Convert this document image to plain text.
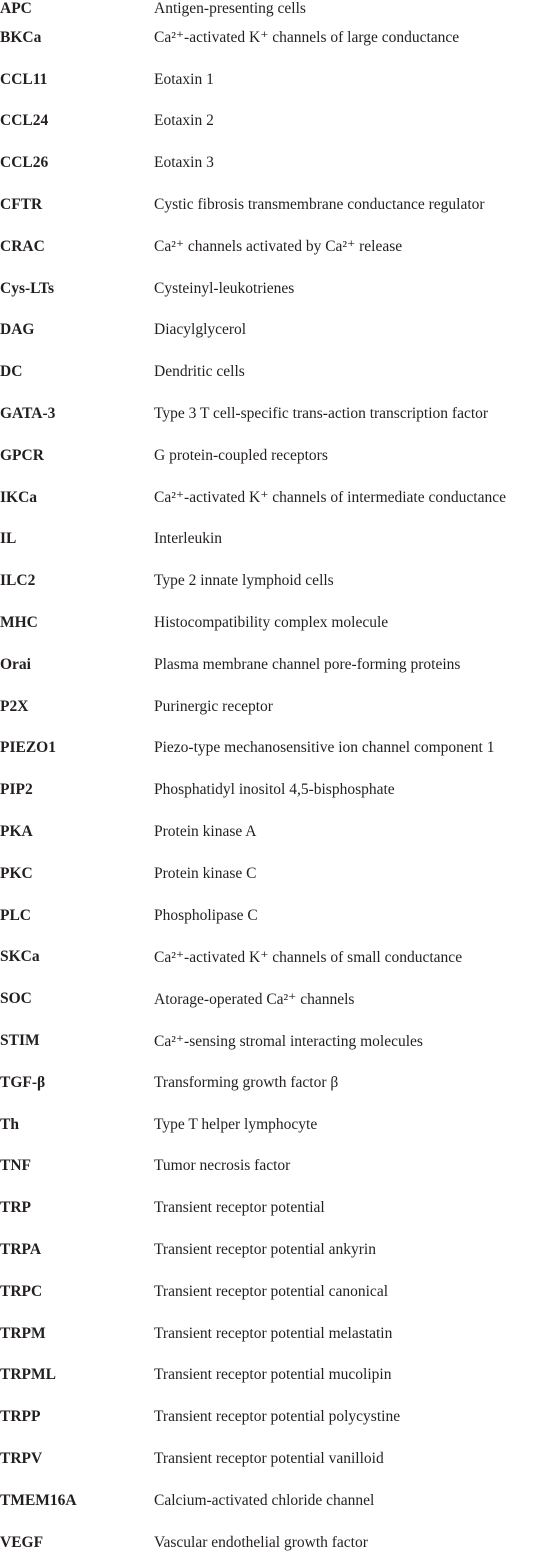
APC	Antigen-presenting cells
BKCa	Ca²⁺-activated K⁺ channels of large conductance
CCL11	Eotaxin 1
CCL24	Eotaxin 2
CCL26	Eotaxin 3
CFTR	Cystic fibrosis transmembrane conductance regulator
CRAC	Ca²⁺ channels activated by Ca²⁺ release
Cys-LTs	Cysteinyl-leukotrienes
DAG	Diacylglycerol
DC	Dendritic cells
GATA-3	Type 3 T cell-specific trans-action transcription factor
GPCR	G protein-coupled receptors
IKCa	Ca²⁺-activated K⁺ channels of intermediate conductance
IL	Interleukin
ILC2	Type 2 innate lymphoid cells
MHC	Histocompatibility complex molecule
Orai	Plasma membrane channel pore-forming proteins
P2X	Purinergic receptor
PIEZO1	Piezo-type mechanosensitive ion channel component 1
PIP2	Phosphatidyl inositol 4,5-bisphosphate
PKA	Protein kinase A
PKC	Protein kinase C
PLC	Phospholipase C
SKCa	Ca²⁺-activated K⁺ channels of small conductance
SOC	Atorage-operated Ca²⁺ channels
STIM	Ca²⁺-sensing stromal interacting molecules
TGF-β	Transforming growth factor β
Th	Type T helper lymphocyte
TNF	Tumor necrosis factor
TRP	Transient receptor potential
TRPA	Transient receptor potential ankyrin
TRPC	Transient receptor potential canonical
TRPM	Transient receptor potential melastatin
TRPML	Transient receptor potential mucolipin
TRPP	Transient receptor potential polycystine
TRPV	Transient receptor potential vanilloid
TMEM16A	Calcium-activated chloride channel
VEGF	Vascular endothelial growth factor
